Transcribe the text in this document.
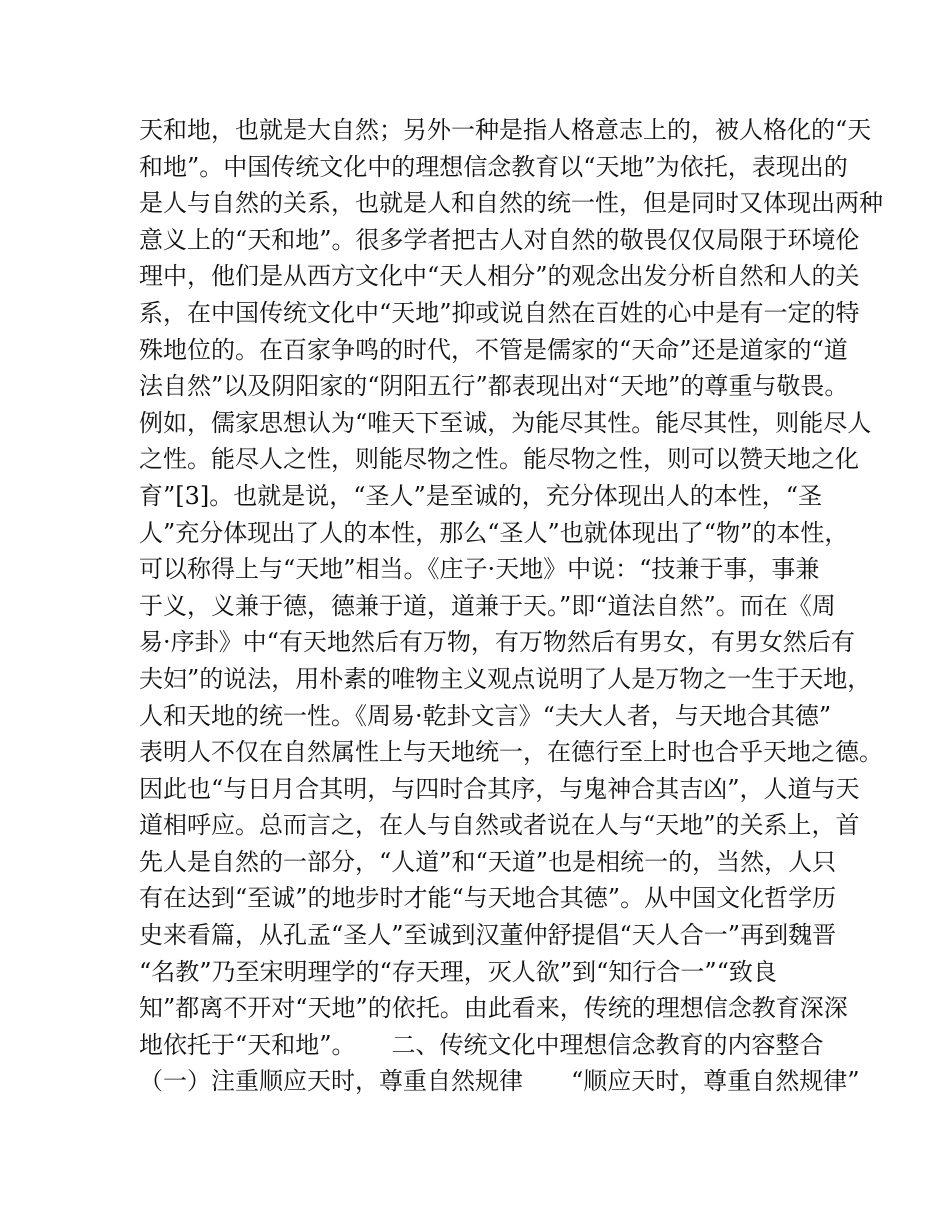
天和地，也就是大自然；另外一种是指人格意志上的，被人格化的“天
和地”。中国传统文化中的理想信念教育以“天地”为依托，表现出的
是人与自然的关系，也就是人和自然的统一性，但是同时又体现出两种
意义上的“天和地”。很多学者把古人对自然的敬畏仅仅局限于环境伦
理中，他们是从西方文化中“天人相分”的观念出发分析自然和人的关
系，在中国传统文化中“天地”抑或说自然在百姓的心中是有一定的特
殊地位的。在百家争鸣的时代，不管是儒家的“天命”还是道家的“道
法自然”以及阴阳家的“阴阳五行”都表现出对“天地”的尊重与敬畏。
例如，儒家思想认为“唯天下至诚，为能尽其性。能尽其性，则能尽人
之性。能尽人之性，则能尽物之性。能尽物之性，则可以赞天地之化
育”[3]。也就是说，“圣人”是至诚的，充分体现出人的本性，“圣
人”充分体现出了人的本性，那么“圣人”也就体现出了“物”的本性，
可以称得上与“天地”相当。《庄子·天地》中说：“技兼于事，事兼
于义，义兼于德，德兼于道，道兼于天。”即“道法自然”。而在《周
易·序卦》中“有天地然后有万物，有万物然后有男女，有男女然后有
夫妇”的说法，用朴素的唯物主义观点说明了人是万物之一生于天地，
人和天地的统一性。《周易·乾卦文言》“夫大人者，与天地合其德”
表明人不仅在自然属性上与天地统一，在德行至上时也合乎天地之德。
因此也“与日月合其明，与四时合其序，与鬼神合其吉凶”，人道与天
道相呼应。总而言之，在人与自然或者说在人与“天地”的关系上，首
先人是自然的一部分，“人道”和“天道”也是相统一的，当然，人只
有在达到“至诚”的地步时才能“与天地合其德”。从中国文化哲学历
史来看篇，从孔孟“圣人”至诚到汉董仲舒提倡“天人合一”再到魏晋
“名教”乃至宋明理学的“存天理，灭人欲”到“知行合一”“致良
知”都离不开对“天地”的依托。由此看来，传统的理想信念教育深深
地依托于“天和地”。　　二、传统文化中理想信念教育的内容整合
（一）注重顺应天时，尊重自然规律　　“顺应天时，尊重自然规律”
